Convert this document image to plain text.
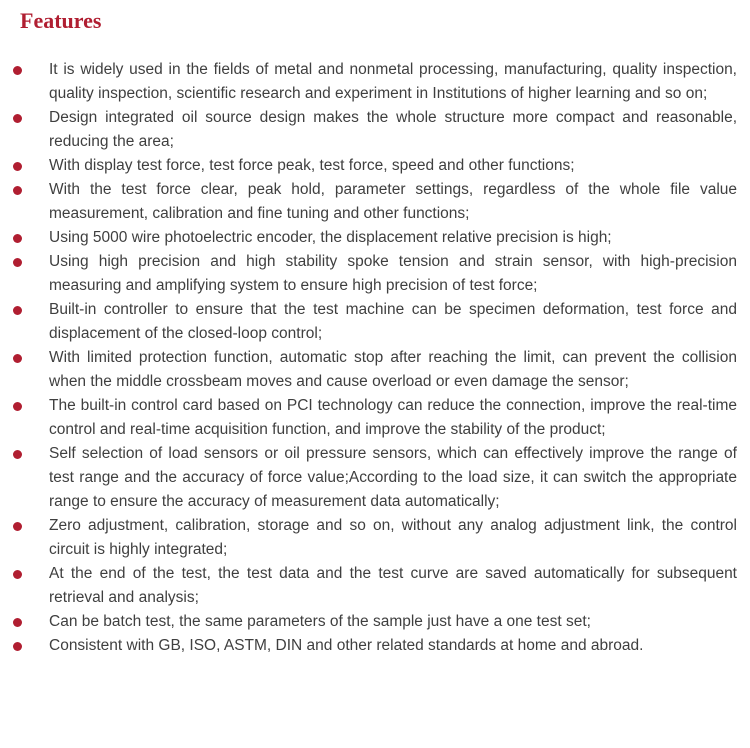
Features
It is widely used in the fields of metal and nonmetal processing, manufacturing, quality inspection, quality inspection, scientific research and experiment in Institutions of higher learning and so on;
Design integrated oil source design makes the whole structure more compact and reasonable, reducing the area;
With display test force, test force peak, test force, speed and other functions;
With the test force clear, peak hold, parameter settings, regardless of the whole file value measurement, calibration and fine tuning and other functions;
Using 5000 wire photoelectric encoder, the displacement relative precision is high;
Using high precision and high stability spoke tension and strain sensor, with high-precision measuring and amplifying system to ensure high precision of test force;
Built-in controller to ensure that the test machine can be specimen deformation, test force and displacement of the closed-loop control;
With limited protection function, automatic stop after reaching the limit, can prevent the collision when the middle crossbeam moves and cause overload or even damage the sensor;
The built-in control card based on PCI technology can reduce the connection, improve the real-time control and real-time acquisition function, and improve the stability of the product;
Self selection of load sensors or oil pressure sensors, which can effectively improve the range of test range and the accuracy of force value;According to the load size, it can switch the appropriate range to ensure the accuracy of measurement data automatically;
Zero adjustment, calibration, storage and so on, without any analog adjustment link, the control circuit is highly integrated;
At the end of the test, the test data and the test curve are saved automatically for subsequent retrieval and analysis;
Can be batch test, the same parameters of the sample just have a one test set;
Consistent with GB, ISO, ASTM, DIN and other related standards at home and abroad.
